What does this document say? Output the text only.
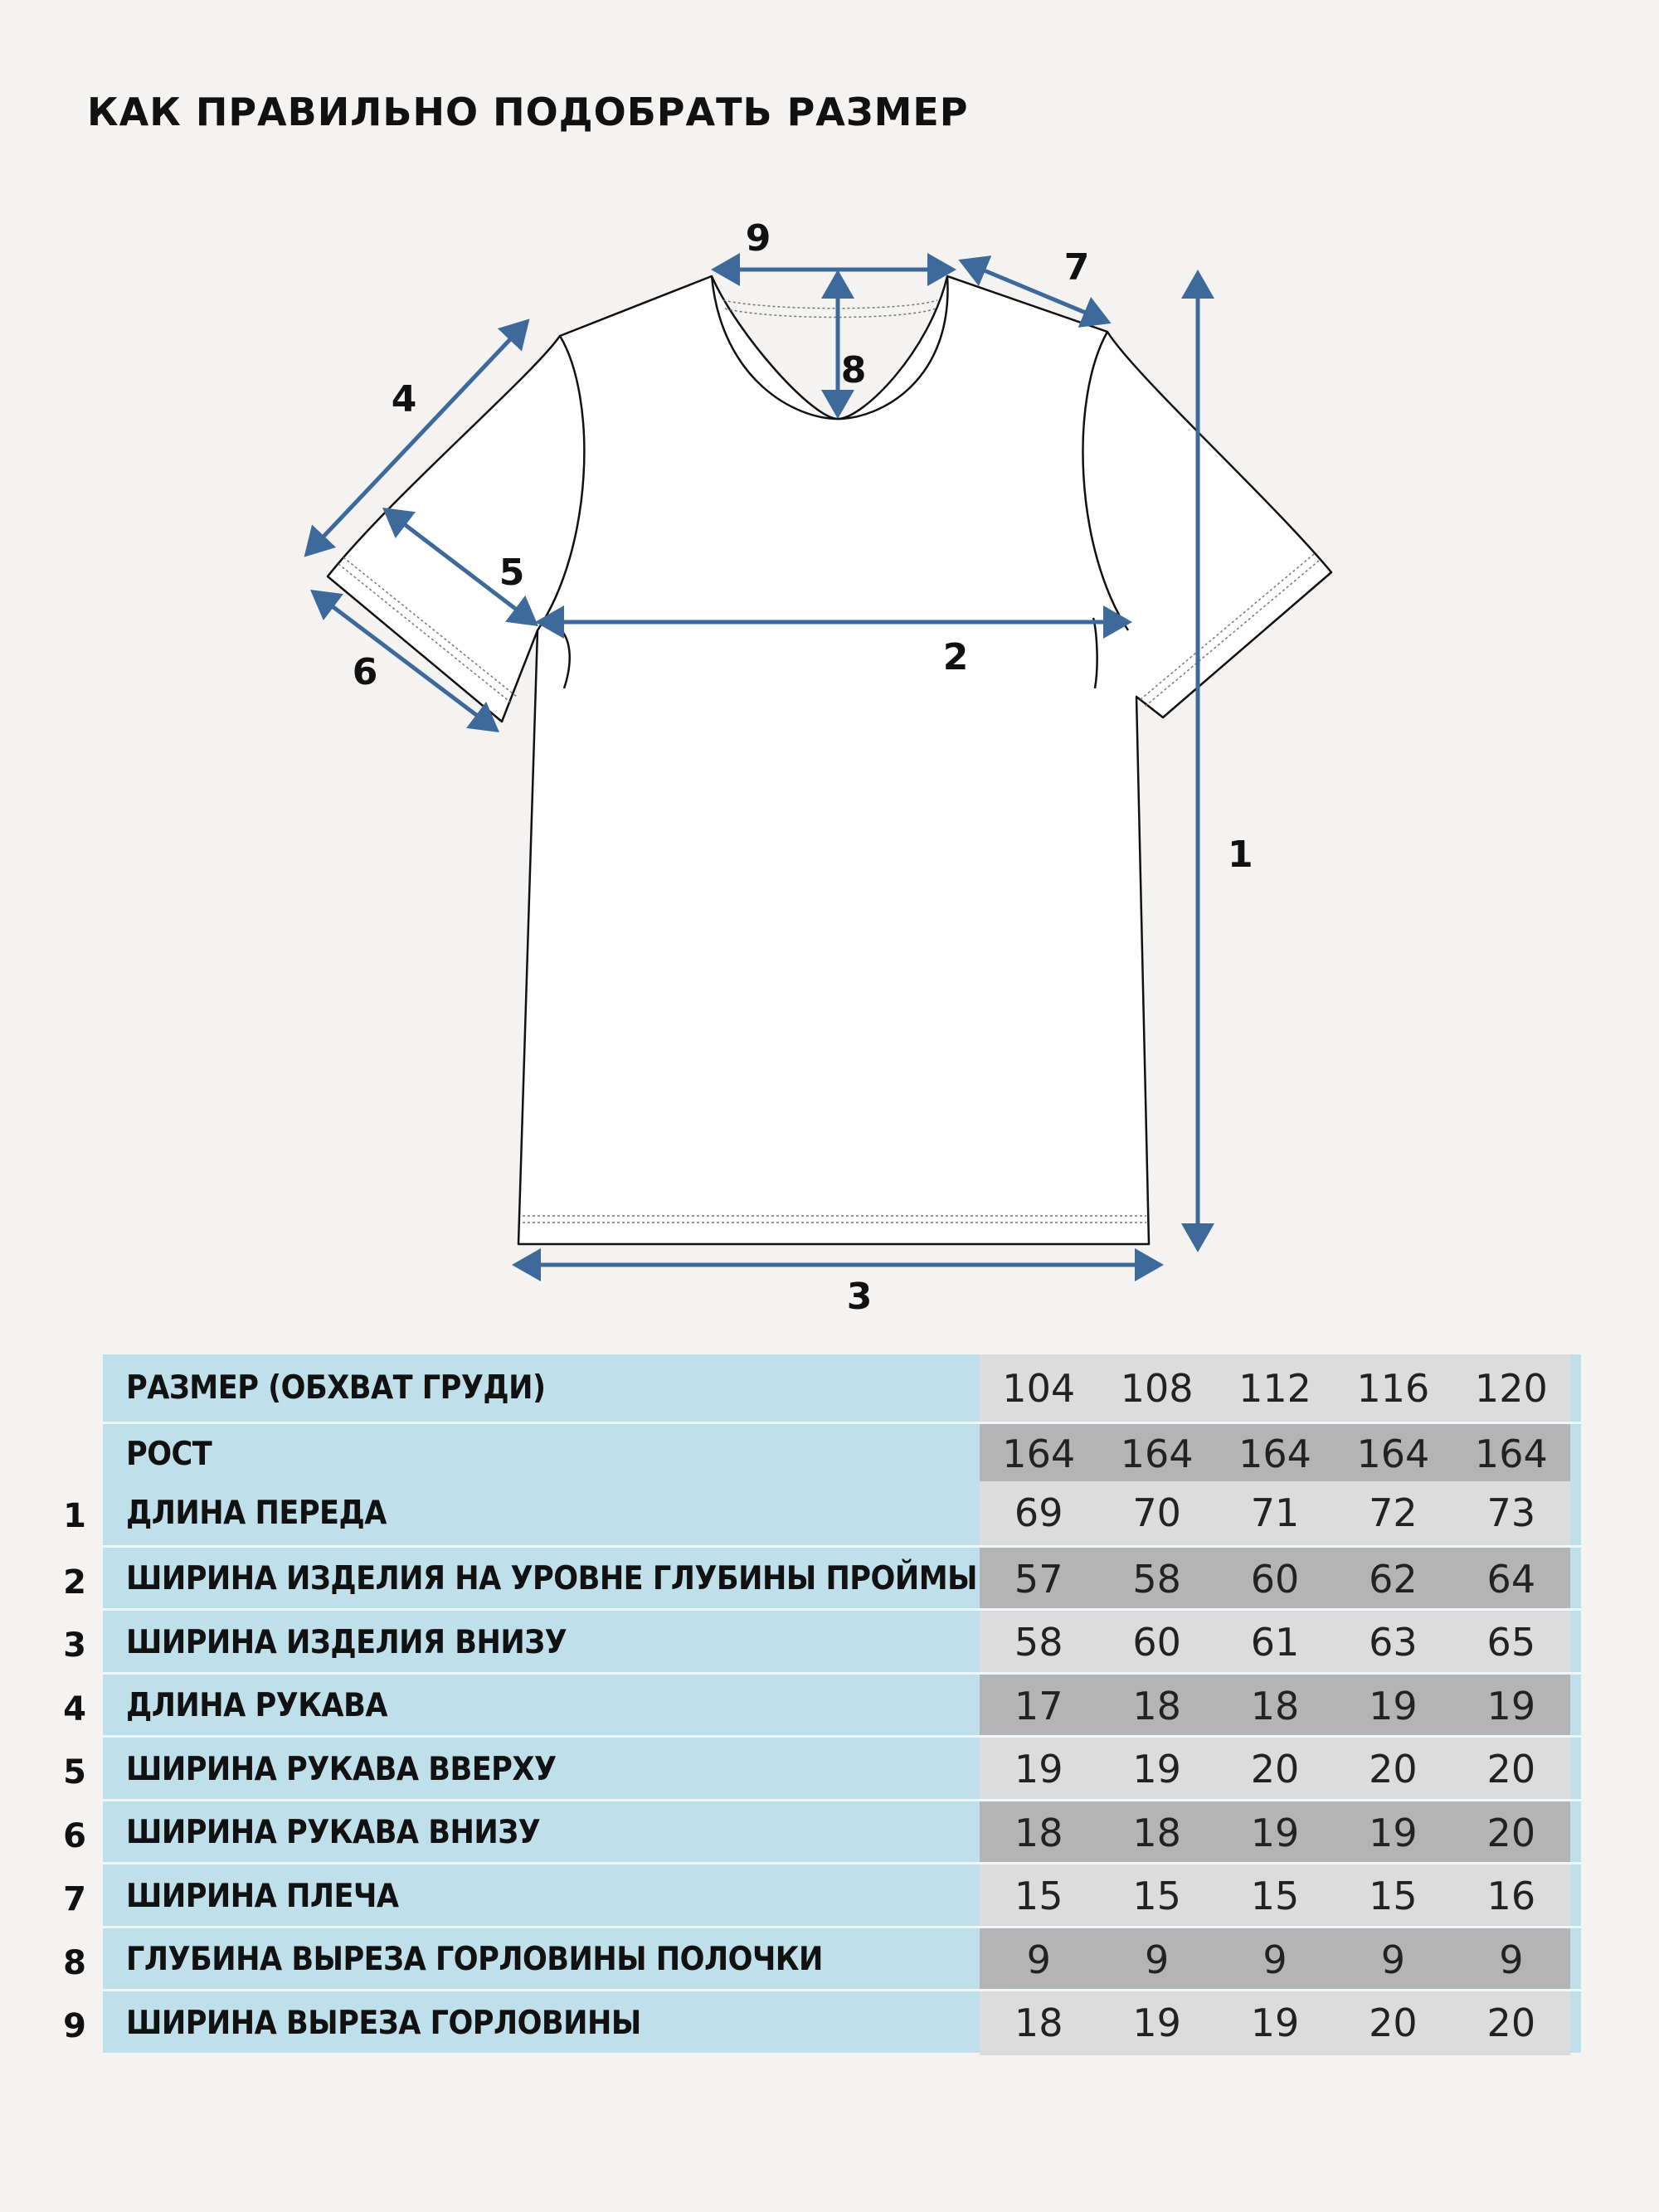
КАК ПРАВИЛЬНО ПОДОБРАТЬ РАЗМЕР
1
2
3
4
5
6
7
8
9
РАЗМЕР (ОБХВАТ ГРУДИ)	104	108	112	116	120
РОСТ	164	164	164	164	164
1 ДЛИНА ПЕРЕДА	69	70	71	72	73
2 ШИРИНА ИЗДЕЛИЯ НА УРОВНЕ ГЛУБИНЫ ПРОЙМЫ 57	58	60	62	64
3 ШИРИНА ИЗДЕЛИЯ ВНИЗУ	58	60	61	63	65
4 ДЛИНА РУКАВА	17	18	18	19	19
5 ШИРИНА РУКАВА ВВЕРХУ	19	19	20	20	20
6 ШИРИНА РУКАВА ВНИЗУ	18	18	19	19	20
7 ШИРИНА ПЛЕЧА	15	15	15	15	16
8 ГЛУБИНА ВЫРЕЗА ГОРЛОВИНЫ ПОЛОЧКИ	9	9	9	9	9
9 ШИРИНА ВЫРЕЗА ГОРЛОВИНЫ	18	19	19	20	20
